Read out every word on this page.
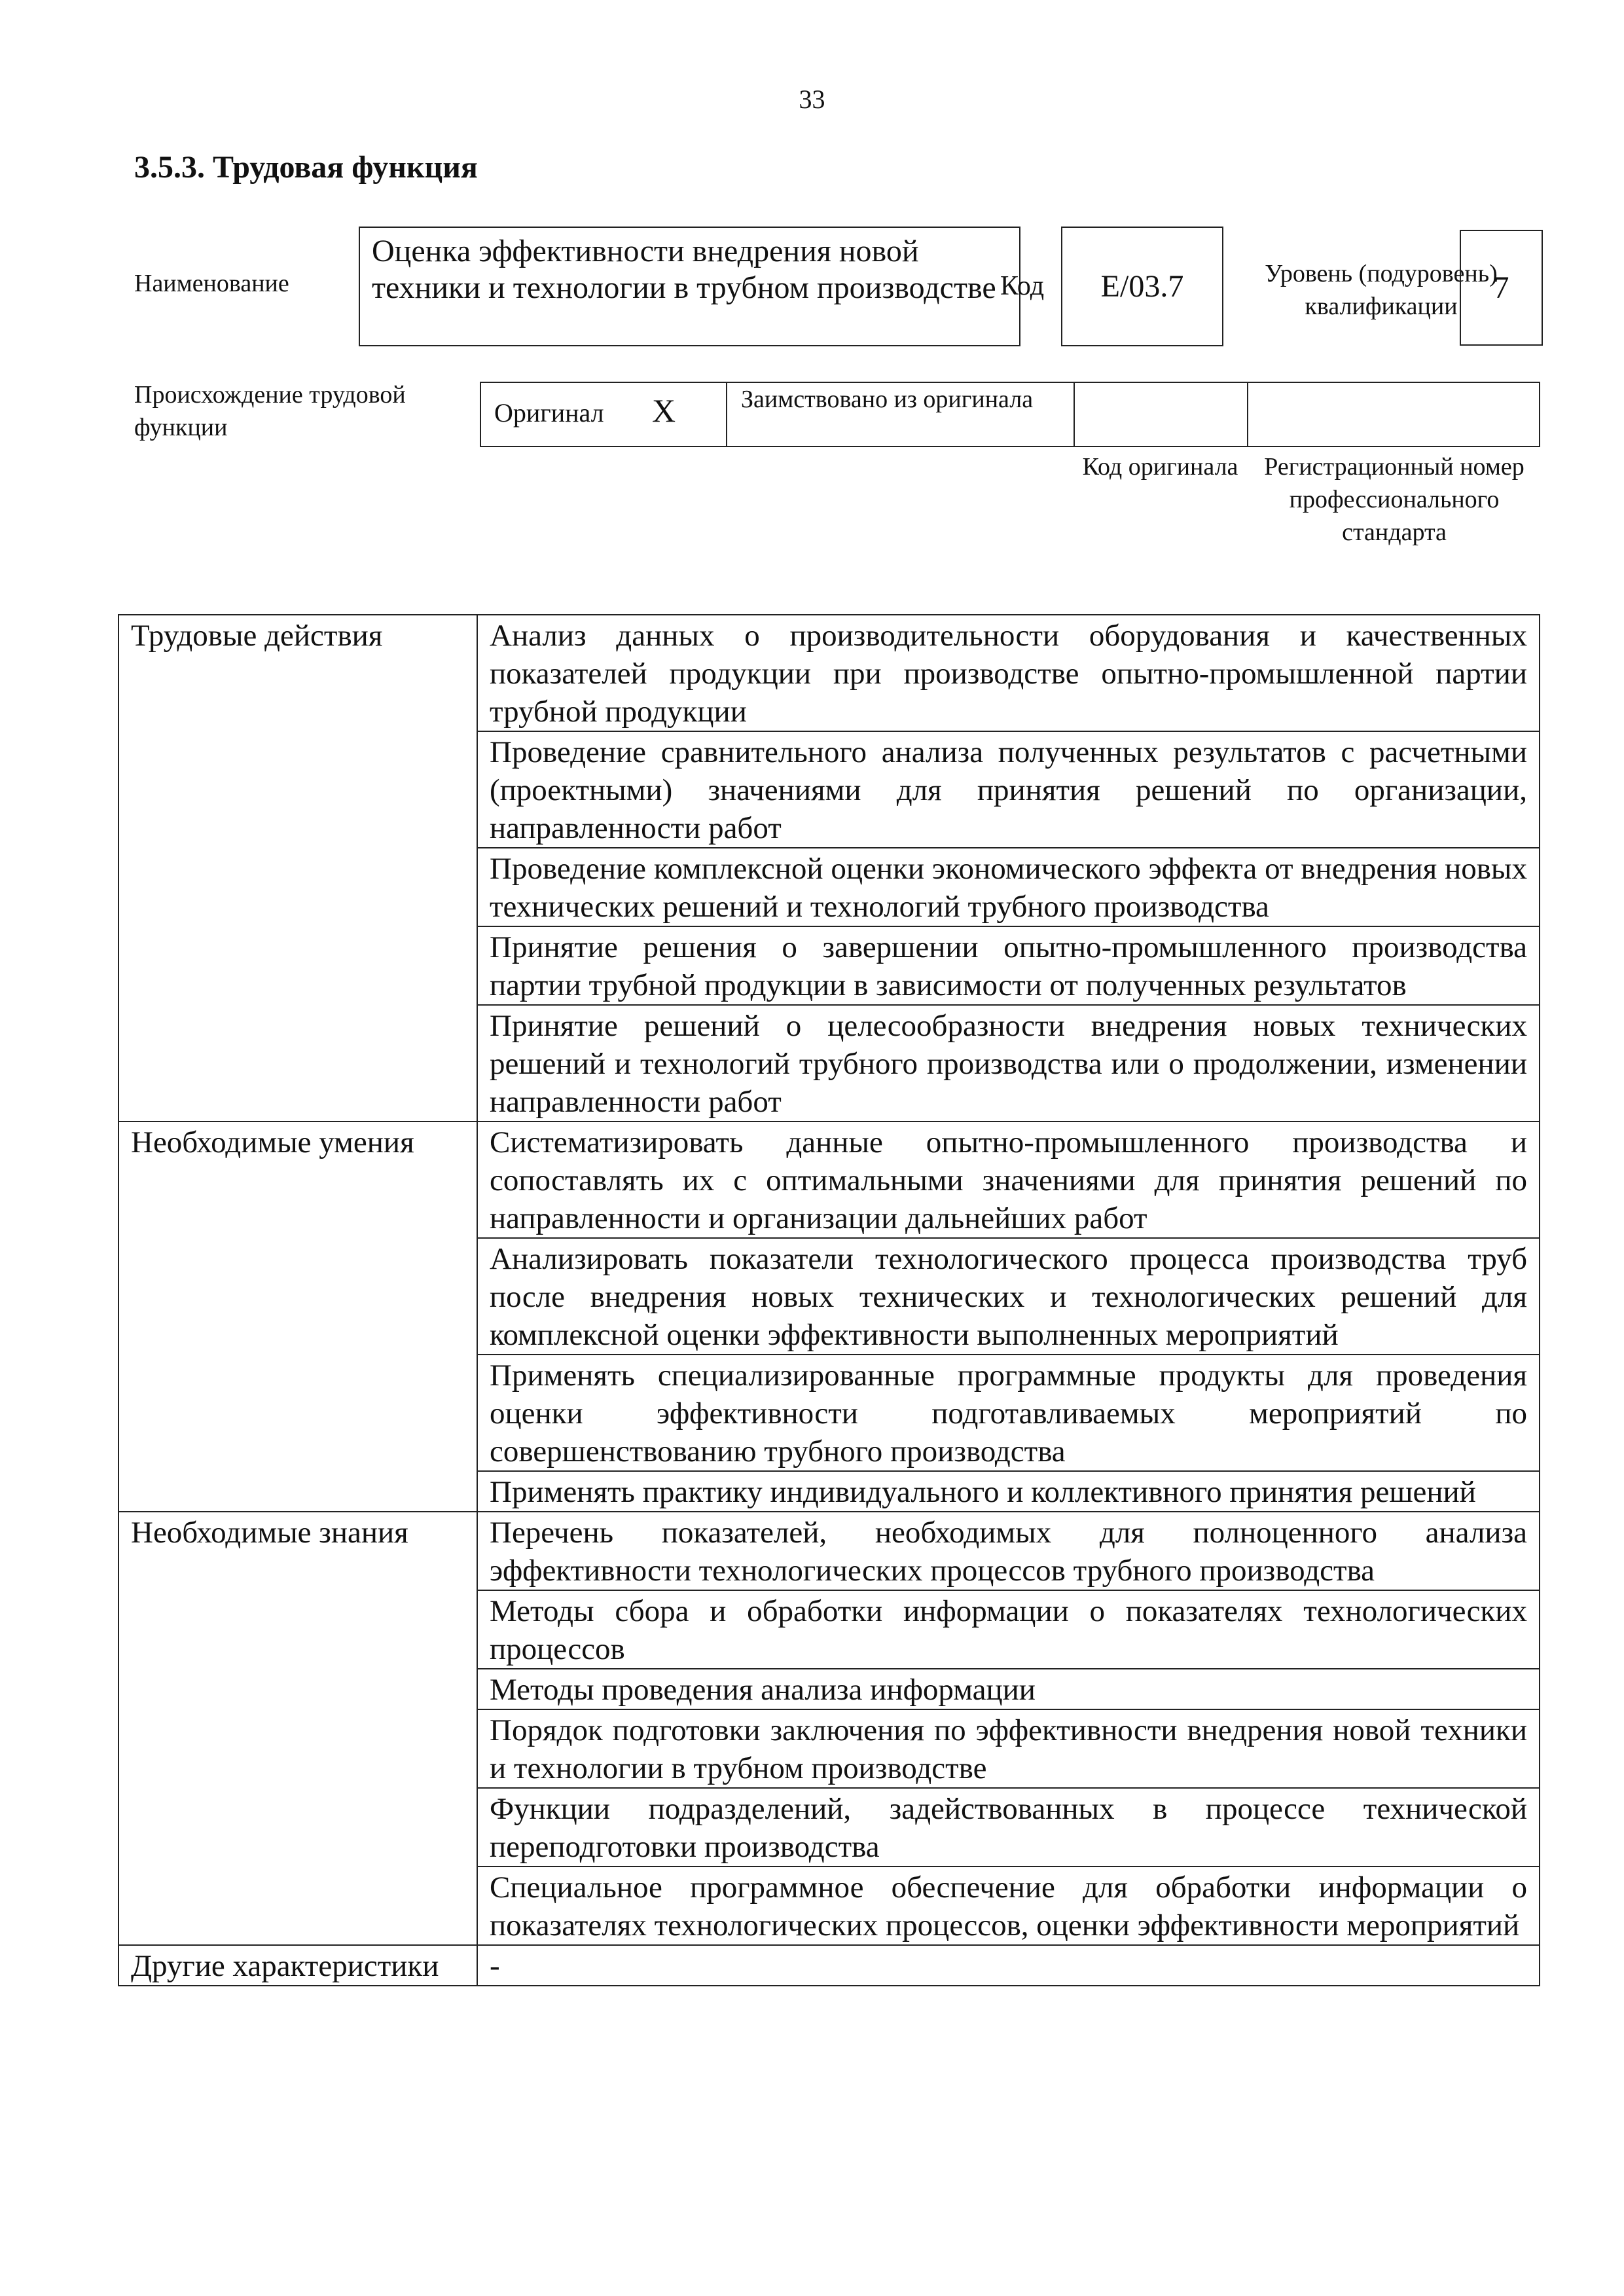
33
3.5.3. Трудовая функция
Наименование
Оценка эффективности внедрения новой техники и технологии в трубном производстве Код	E/03.7	Уровень (подуровень) квалификации
7
Происхождение трудовой функции	Оригинал X	Заимствовано из оригинала
Код оригинала	Регистрационный номер профессионального стандарта
Трудовые действия	Анализ данных о производительности оборудования и качественных показателей продукции при производстве опытно-промышленной партии трубной продукции
	Проведение сравнительного анализа полученных результатов с расчетными (проектными) значениями для принятия решений по организации, направленности работ
	Проведение комплексной оценки экономического эффекта от внедрения новых технических решений и технологий трубного производства
	Принятие решения о завершении опытно-промышленного производства партии трубной продукции в зависимости от полученных результатов
	Принятие решений о целесообразности внедрения новых технических решений и технологий трубного производства или о продолжении, изменении направленности работ
Необходимые умения	Систематизировать данные опытно-промышленного производства и сопоставлять их с оптимальными значениями для принятия решений по направленности и организации дальнейших работ
	Анализировать показатели технологического процесса производства труб после внедрения новых технических и технологических решений для комплексной оценки эффективности выполненных мероприятий
	Применять специализированные программные продукты для проведения оценки эффективности подготавливаемых мероприятий по совершенствованию трубного производства
	Применять практику индивидуального и коллективного принятия решений
Необходимые знания	Перечень показателей, необходимых для полноценного анализа эффективности технологических процессов трубного производства
	Методы сбора и обработки информации о показателях технологических процессов
	Методы проведения анализа информации
	Порядок подготовки заключения по эффективности внедрения новой техники и технологии в трубном производстве
	Функции подразделений, задействованных в процессе технической переподготовки производства
	Специальное программное обеспечение для обработки информации о показателях технологических процессов, оценки эффективности мероприятий
Другие характеристики	-
